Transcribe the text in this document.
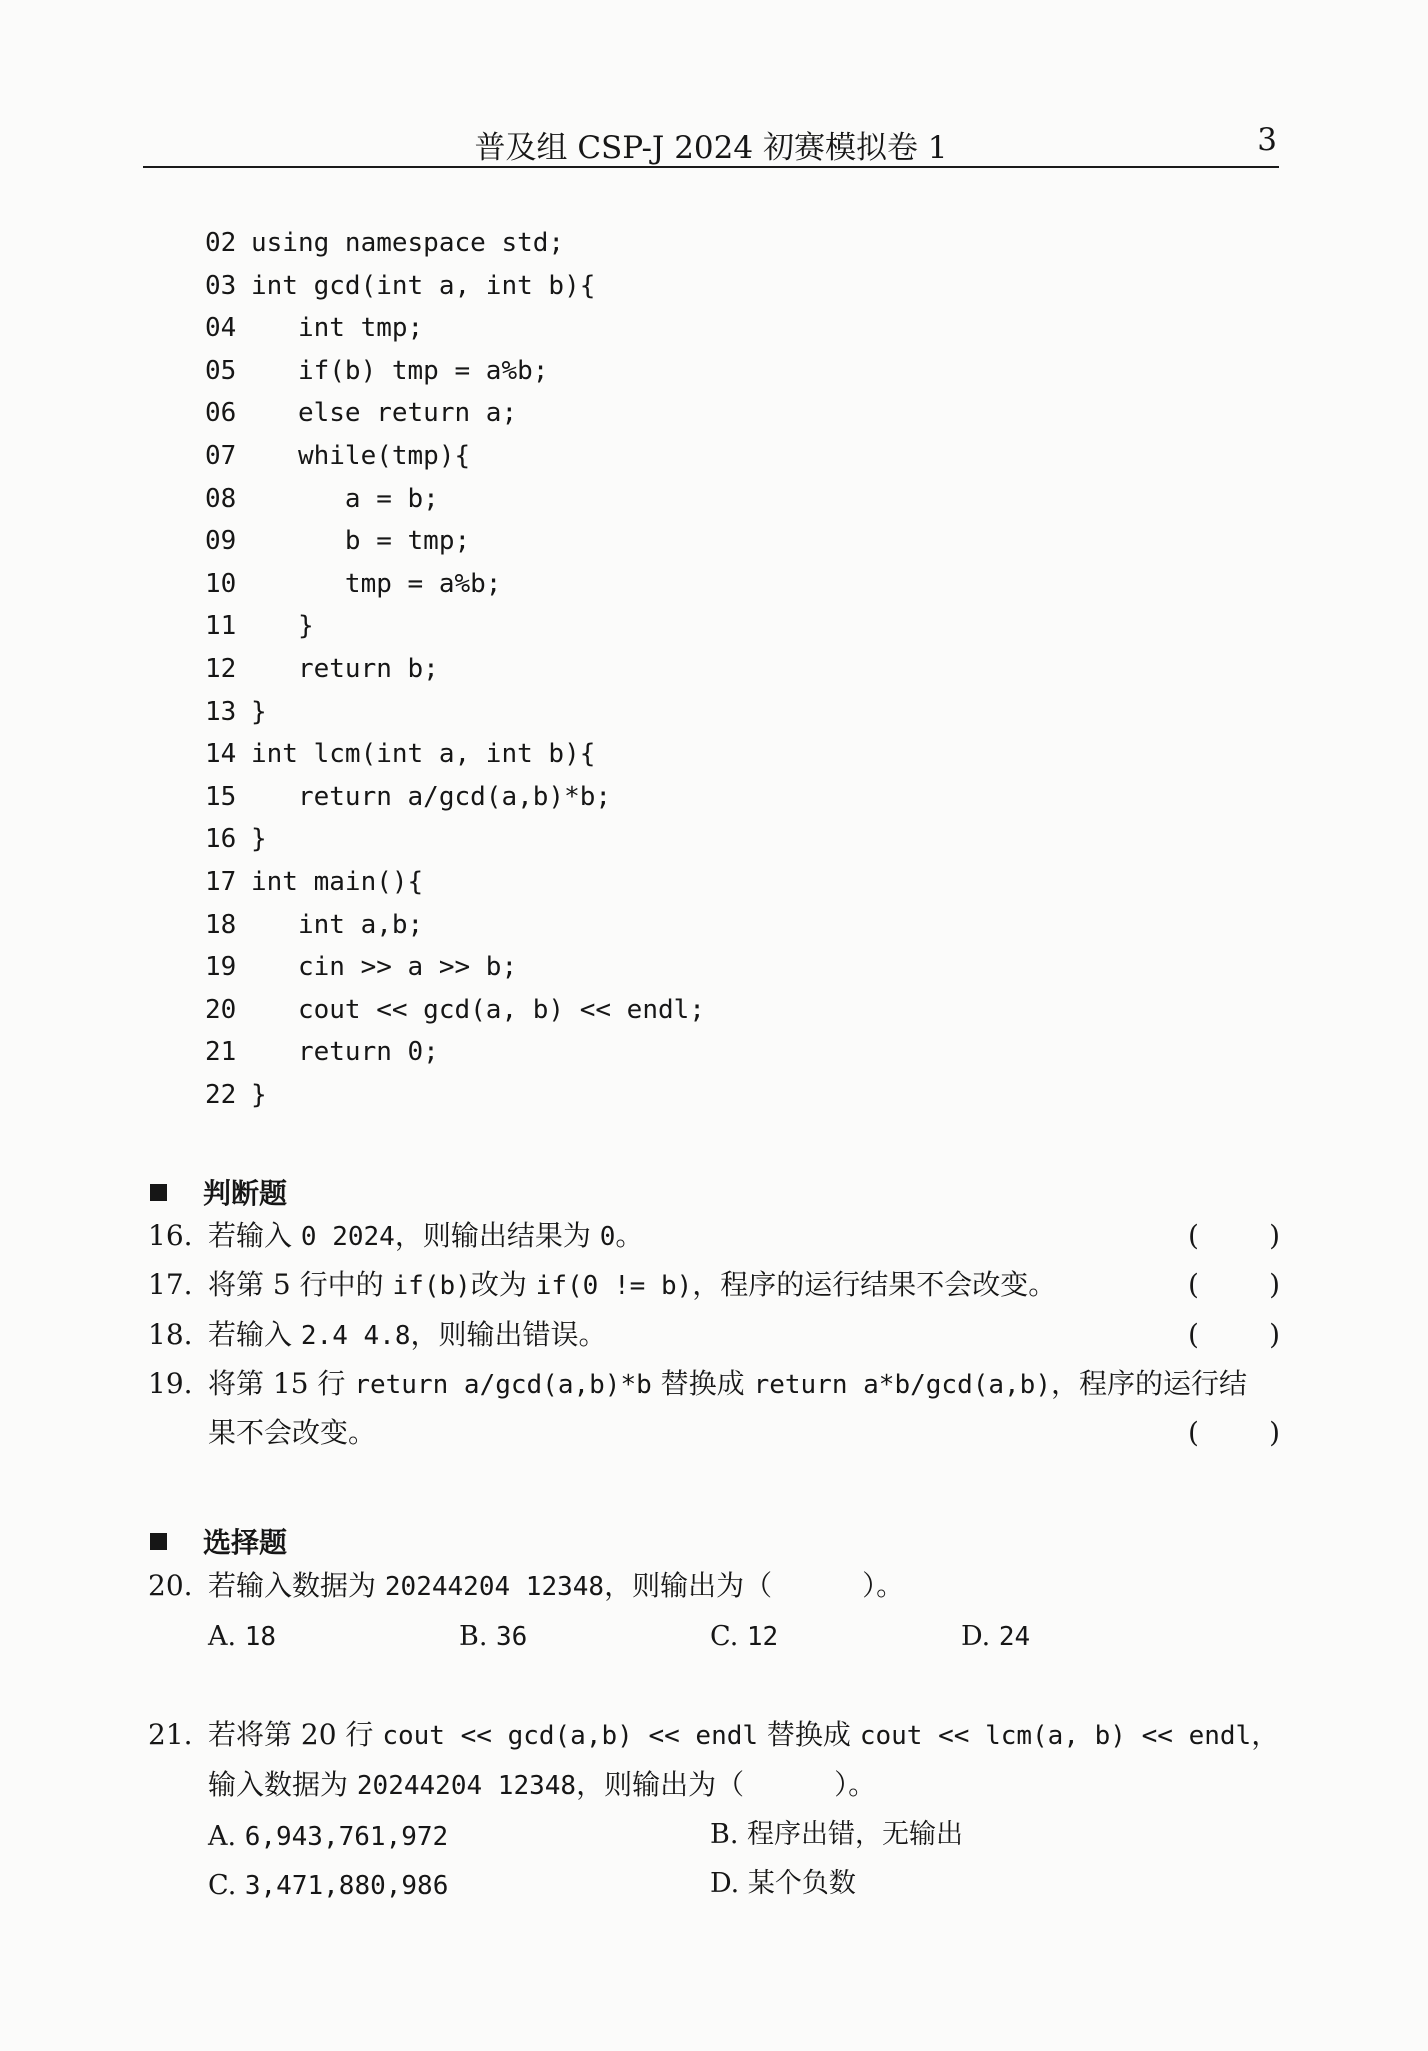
普及组 CSP-J 2024 初赛模拟卷 1	3
02 using namespace std;
03 int gcd(int a, int b){
04   int tmp;
05   if(b) tmp = a%b;
06   else return a;
07   while(tmp){
08      a = b;
09      b = tmp;
10      tmp = a%b;
11   }
12   return b;
13 }
14 int lcm(int a, int b){
15   return a/gcd(a,b)*b;
16 }
17 int main(){
18   int a,b;
19   cin >> a >> b;
20   cout << gcd(a, b) << endl;
21   return 0;
22 }
判断题
16. 若输入 0 2024，则输出结果为 0。	(	)
17. 将第 5 行中的 if(b)改为 if(0 != b)，程序的运行结果不会改变。	(	)
18. 若输入 2.4 4.8，则输出错误。	(	)
19. 将第 15 行 return a/gcd(a,b)*b 替换成 return a*b/gcd(a,b)，程序的运行结
果不会改变。	(	)
选择题
20. 若输入数据为 20244204 12348，则输出为（	）。
A. 18	B. 36	C. 12	D. 24
21. 若将第 20 行 cout << gcd(a,b) << endl 替换成 cout << lcm(a, b) << endl，
输入数据为 20244204 12348，则输出为（	）。
A. 6,943,761,972	B. 程序出错，无输出
C. 3,471,880,986	D. 某个负数
